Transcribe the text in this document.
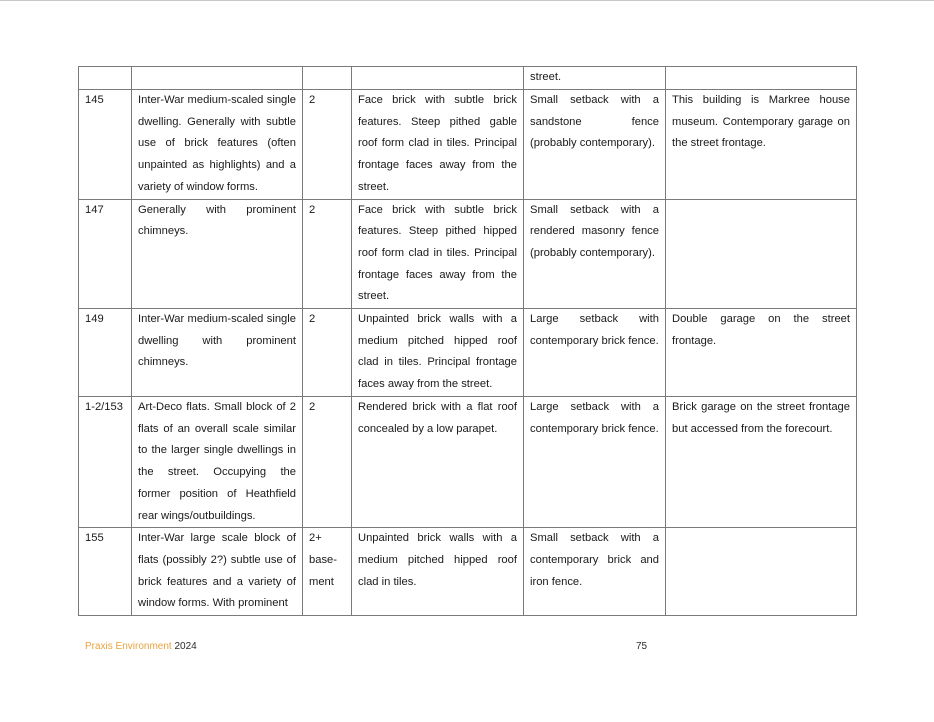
				street.	

145	Inter-War medium-scaled single dwelling. Generally with subtle use of brick features (often unpainted as highlights) and a variety of window forms.	2	Face brick with subtle brick features. Steep pithed gable roof form clad in tiles. Principal frontage faces away from the street.	Small setback with a sandstone fence (probably contemporary).	This building is Markree house museum. Contemporary garage on the street frontage.

147	Generally with prominent chimneys.	2	Face brick with subtle brick features. Steep pithed hipped roof form clad in tiles. Principal frontage faces away from the street.	Small setback with a rendered masonry fence (probably contemporary).	

149	Inter-War medium-scaled single dwelling with prominent chimneys.	2	Unpainted brick walls with a medium pitched hipped roof clad in tiles. Principal frontage faces away from the street.	Large setback with contemporary brick fence.	Double garage on the street frontage.

1-2/153	Art-Deco flats. Small block of 2 flats of an overall scale similar to the larger single dwellings in the street. Occupying the former position of Heathfield rear wings/outbuildings.	2	Rendered brick with a flat roof concealed by a low parapet.	Large setback with a contemporary brick fence.	Brick garage on the street frontage but accessed from the forecourt.

155	Inter-War large scale block of flats (possibly 2?) subtle use of brick features and a variety of window forms. With prominent	2+ base-ment	Unpainted brick walls with a medium pitched hipped roof clad in tiles.	Small setback with a contemporary brick and iron fence.	

Praxis Environment 2024	75
